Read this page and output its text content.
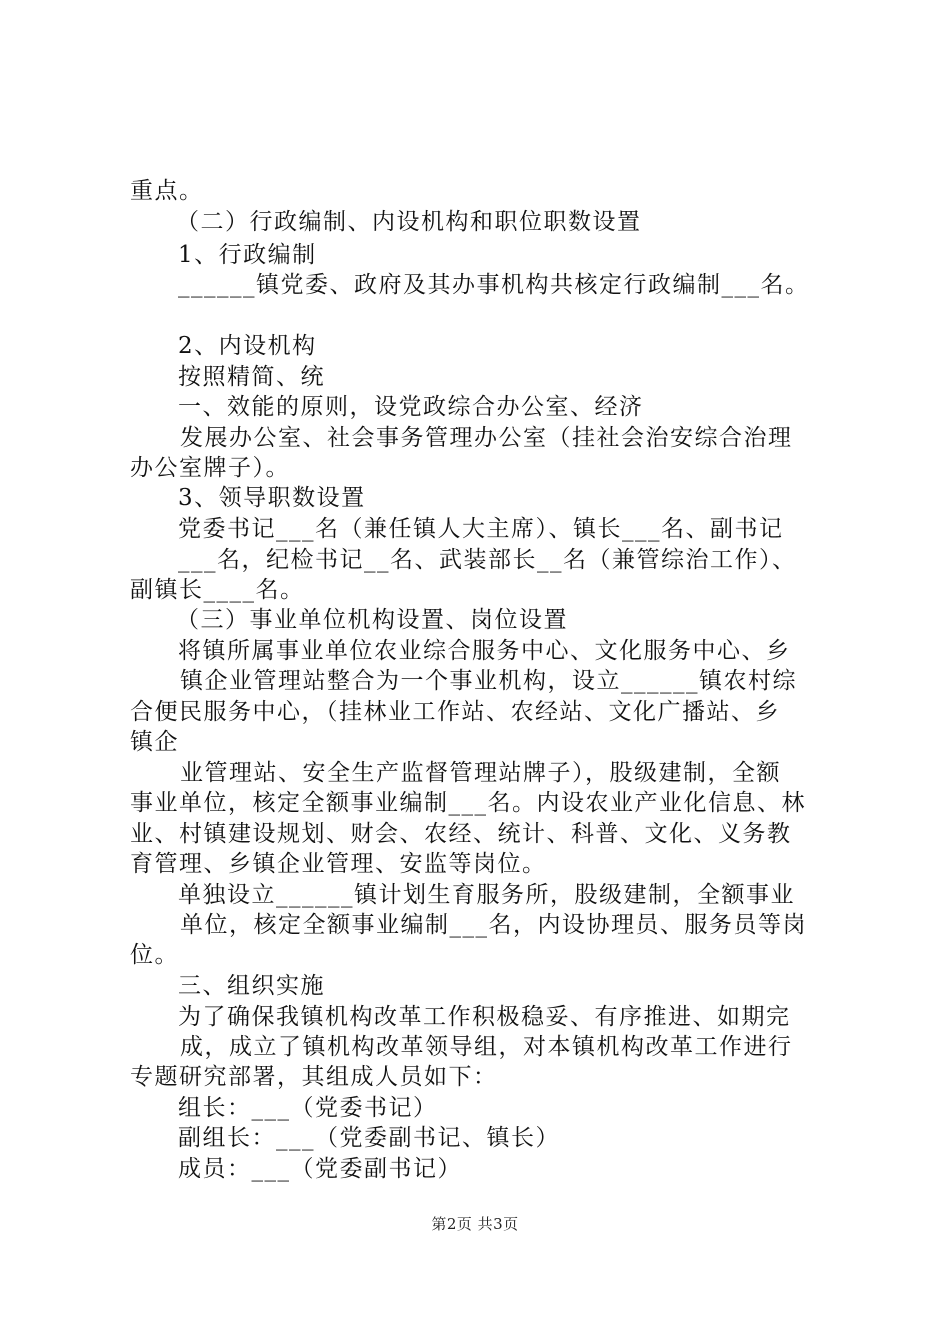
重点。
（二）行政编制、内设机构和职位职数设置
1、行政编制
______镇党委、政府及其办事机构共核定行政编制___名。
2、内设机构
按照精简、统
一、效能的原则，设党政综合办公室、经济
发展办公室、社会事务管理办公室（挂社会治安综合治理
办公室牌子）。
3、领导职数设置
党委书记___名（兼任镇人大主席）、镇长___名、副书记
___名，纪检书记__名、武装部长__名（兼管综治工作）、
副镇长____名。
（三）事业单位机构设置、岗位设置
将镇所属事业单位农业综合服务中心、文化服务中心、乡
镇企业管理站整合为一个事业机构，设立______镇农村综
合便民服务中心，（挂林业工作站、农经站、文化广播站、乡
镇企
业管理站、安全生产监督管理站牌子），股级建制，全额
事业单位，核定全额事业编制___名。内设农业产业化信息、林
业、村镇建设规划、财会、农经、统计、科普、文化、义务教
育管理、乡镇企业管理、安监等岗位。
单独设立______镇计划生育服务所，股级建制，全额事业
单位，核定全额事业编制___名，内设协理员、服务员等岗
位。
三、组织实施
为了确保我镇机构改革工作积极稳妥、有序推进、如期完
成，成立了镇机构改革领导组，对本镇机构改革工作进行
专题研究部署，其组成人员如下：
组长：___（党委书记）
副组长：___（党委副书记、镇长）
成员：___（党委副书记）
第2页 共3页
